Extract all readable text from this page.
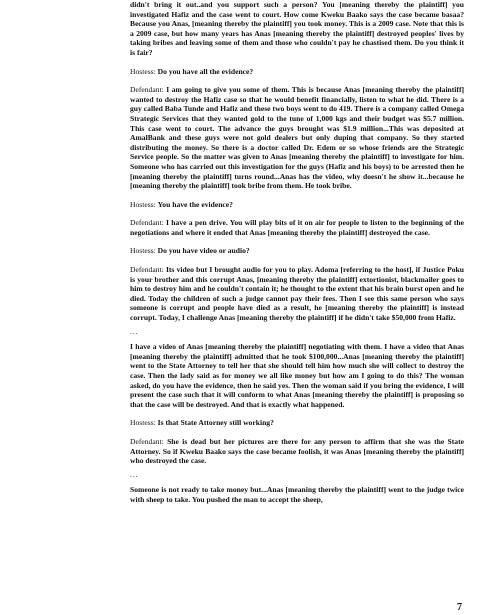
didn't bring it out..and you support such a person? You [meaning thereby the plaintiff] you investigated Hafiz and the case went to court. How come Kweku Baako says the case became basaa? Because you Anas, [meaning thereby the plaintiff] you took money. This is a 2009 case. Note that this is a 2009 case, but how many years has Anas [meaning thereby the plaintiff] destroyed peoples' lives by taking bribes and leaving some of them and those who couldn't pay he chastised them. Do you think it is fair?
Hostess: Do you have all the evidence?
Defendant: I am going to give you some of them. This is because Anas [meaning thereby the plaintiff] wanted to destroy the Hafiz case so that he would benefit financially, listen to what he did. There is a guy called Baba Tunde and Hafiz and these two boys went to do 419. There is a company called Omega Strategic Services that they wanted gold to the tune of 1,000 kgs and their budget was $5.7 million. This case went to court. The advance the guys brought was $1.9 million...This was deposited at AmalBank and these guys were not gold dealers but only duping that company. So they started distributing the money. So there is a doctor called Dr. Edem or so whose friends are the Strategic Service people. So the matter was given to Anas [meaning thereby the plaintiff] to investigate for him. Someone who has carried out this investigation for the guys (Hafiz and his boys) to be arrested then he [meaning thereby the plaintiff] turns round...Anas has the video, why doesn't he show it...because he [meaning thereby the plaintiff] took bribe from them. He took bribe.
Hostess: You have the evidence?
Defendant: I have a pen drive. You will play bits of it on air for people to listen to the beginning of the negotiations and where it ended that Anas [meaning thereby the plaintiff] destroyed the case.
Hostess: Do you have video or audio?
Defendant: Its video but I brought audio for you to play. Adoma [referring to the host], if Justice Poku is your brother and this corrupt Anas, [meaning thereby the plaintiff] extortionist, blackmailer goes to him to destroy him and he couldn't contain it; he thought to the extent that his brain burst open and he died. Today the children of such a judge cannot pay their fees. Then I see this same person who says someone is corrupt and people have died as a result, he [meaning thereby the plaintiff] is instead corrupt. Today, I challenge Anas [meaning thereby the plaintiff] if he didn't take $50,000 from Hafiz.
...
I have a video of Anas [meaning thereby the plaintiff] negotiating with them. I have a video that Anas [meaning thereby the plaintiff] admitted that he took $100,000...Anas [meaning thereby the plaintiff] went to the State Attorney to tell her that she should tell him how much she will collect to destroy the case. Then the lady said as for money we all like money but how am I going to do this? The woman asked, do you have the evidence, then he said yes. Then the woman said if you bring the evidence, I will present the case such that it will conform to what Anas [meaning thereby the plaintiff] is proposing so that the case will be destroyed. And that is exactly what happened.
Hostess: Is that State Attorney still working?
Defendant: She is dead but her pictures are there for any person to affirm that she was the State Attorney. So if Kweku Baako says the case became foolish, it was Anas [meaning thereby the plaintiff] who destroyed the case.
...
Someone is not ready to take money but...Anas [meaning thereby the plaintiff] went to the judge twice with sheep to take. You pushed the man to accept the sheep,
7
